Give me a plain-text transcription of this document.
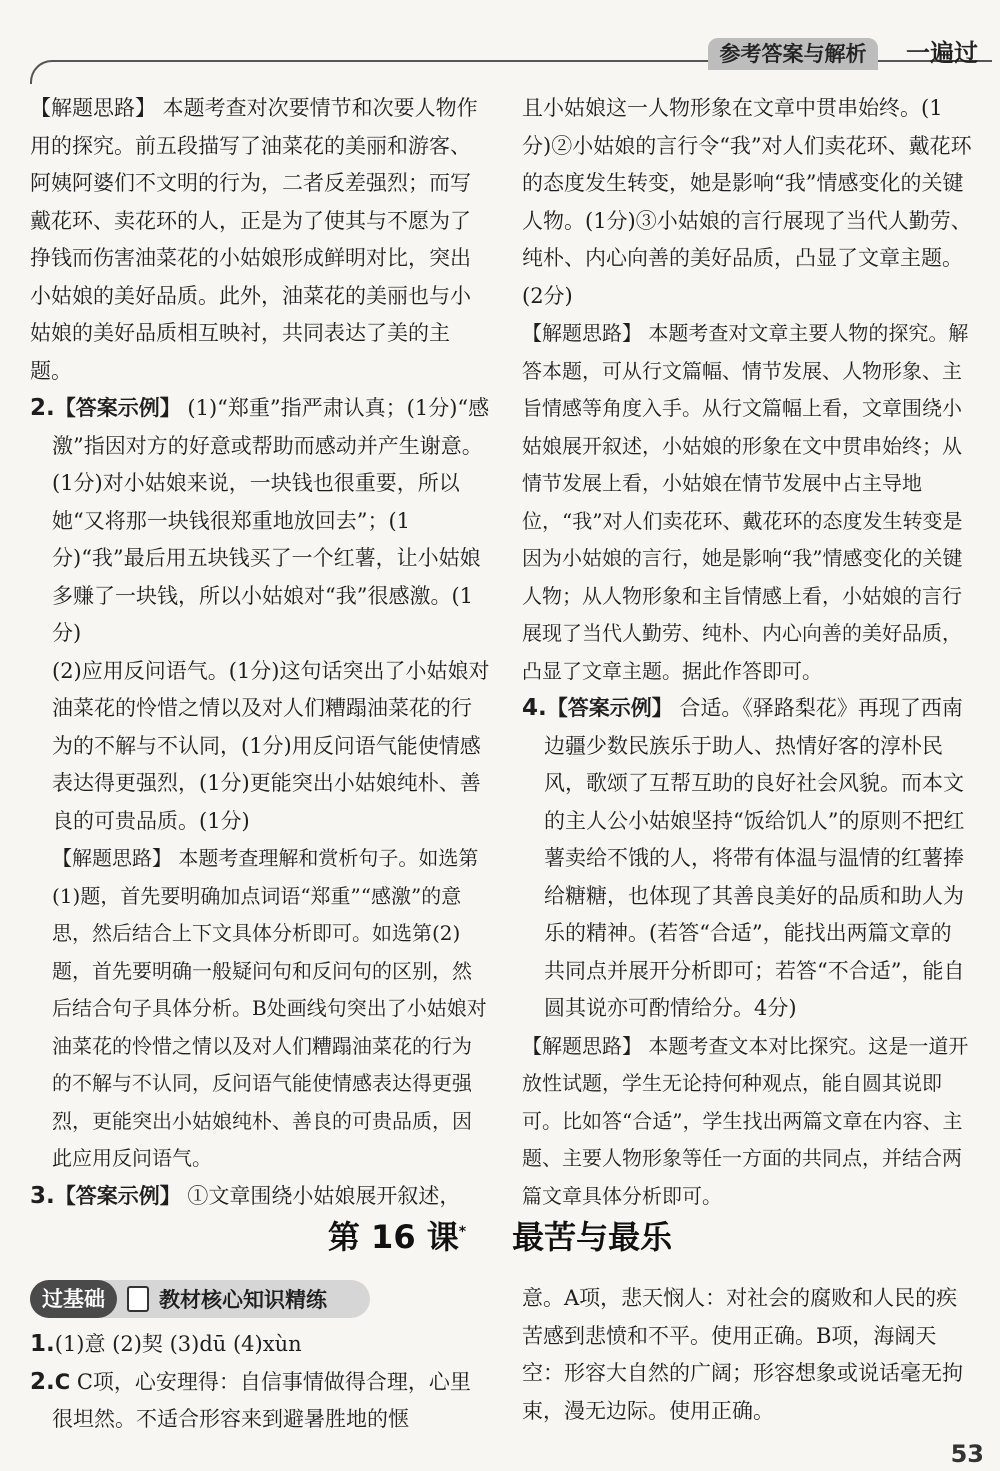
参考答案与解析	一遍过

【解题思路】 本题考查对次要情节和次要人物作用的探究。前五段描写了油菜花的美丽和游客、阿姨阿婆们不文明的行为，二者反差强烈；而写戴花环、卖花环的人，正是为了使其与不愿为了挣钱而伤害油菜花的小姑娘形成鲜明对比，突出小姑娘的美好品质。此外，油菜花的美丽也与小姑娘的美好品质相互映衬，共同表达了美的主题。

2.【答案示例】 (1)“郑重”指严肃认真；(1分)“感激”指因对方的好意或帮助而感动并产生谢意。(1分)对小姑娘来说，一块钱也很重要，所以她“又将那一块钱很郑重地放回去”；(1分)“我”最后用五块钱买了一个红薯，让小姑娘多赚了一块钱，所以小姑娘对“我”很感激。(1分)

(2)应用反问语气。(1分)这句话突出了小姑娘对油菜花的怜惜之情以及对人们糟蹋油菜花的行为的不解与不认同，(1分)用反问语气能使情感表达得更强烈，(1分)更能突出小姑娘纯朴、善良的可贵品质。(1分)

【解题思路】 本题考查理解和赏析句子。如选第(1)题，首先要明确加点词语“郑重”“感激”的意思，然后结合上下文具体分析即可。如选第(2)题，首先要明确一般疑问句和反问句的区别，然后结合句子具体分析。B处画线句突出了小姑娘对油菜花的怜惜之情以及对人们糟蹋油菜花的行为的不解与不认同，反问语气能使情感表达得更强烈，更能突出小姑娘纯朴、善良的可贵品质，因此应用反问语气。

3.【答案示例】 ①文章围绕小姑娘展开叙述，

且小姑娘这一人物形象在文章中贯串始终。(1分)②小姑娘的言行令“我”对人们卖花环、戴花环的态度发生转变，她是影响“我”情感变化的关键人物。(1分)③小姑娘的言行展现了当代人勤劳、纯朴、内心向善的美好品质，凸显了文章主题。(2分)

【解题思路】 本题考查对文章主要人物的探究。解答本题，可从行文篇幅、情节发展、人物形象、主旨情感等角度入手。从行文篇幅上看，文章围绕小姑娘展开叙述，小姑娘的形象在文中贯串始终；从情节发展上看，小姑娘在情节发展中占主导地位，“我”对人们卖花环、戴花环的态度发生转变是因为小姑娘的言行，她是影响“我”情感变化的关键人物；从人物形象和主旨情感上看，小姑娘的言行展现了当代人勤劳、纯朴、内心向善的美好品质，凸显了文章主题。据此作答即可。

4.【答案示例】 合适。《驿路梨花》再现了西南边疆少数民族乐于助人、热情好客的淳朴民风，歌颂了互帮互助的良好社会风貌。而本文的主人公小姑娘坚持“饭给饥人”的原则不把红薯卖给不饿的人，将带有体温与温情的红薯捧给糖糖，也体现了其善良美好的品质和助人为乐的精神。(若答“合适”，能找出两篇文章的共同点并展开分析即可；若答“不合适”，能自圆其说亦可酌情给分。4分)

【解题思路】 本题考查文本对比探究。这是一道开放性试题，学生无论持何种观点，能自圆其说即可。比如答“合适”，学生找出两篇文章在内容、主题、主要人物形象等任一方面的共同点，并结合两篇文章具体分析即可。

第 16 课* 最苦与最乐
过基础	教材核心知识精练

1.(1)意 (2)契 (3)dū (4)xùn

2.C C项，心安理得：自信事情做得合理，心里很坦然。不适合形容来到避暑胜地的惬

意。A项，悲天悯人：对社会的腐败和人民的疾苦感到悲愤和不平。使用正确。B项，海阔天空：形容大自然的广阔；形容想象或说话毫无拘束，漫无边际。使用正确。

53
